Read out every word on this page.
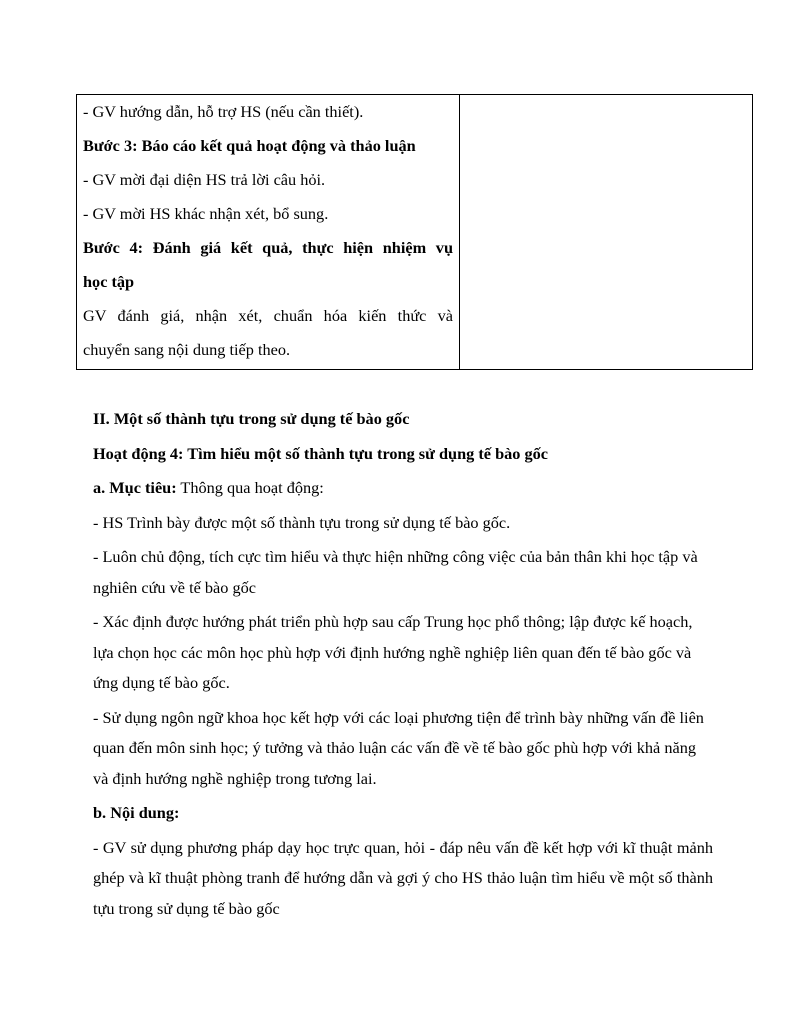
- GV hướng dẫn, hỗ trợ HS (nếu cần thiết).

Bước 3: Báo cáo kết quả hoạt động và thảo luận

- GV mời đại diện HS trả lời câu hỏi.

- GV mời HS khác nhận xét, bổ sung.

Bước 4: Đánh giá kết quả, thực hiện nhiệm vụ

học tập

GV đánh giá, nhận xét, chuẩn hóa kiến thức và

chuyển sang nội dung tiếp theo.

II. Một số thành tựu trong sử dụng tế bào gốc

Hoạt động 4: Tìm hiểu một số thành tựu trong sử dụng tế bào gốc

a. Mục tiêu: Thông qua hoạt động:

- HS Trình bày được một số thành tựu trong sử dụng tế bào gốc.

- Luôn chủ động, tích cực tìm hiểu và thực hiện những công việc của bản thân khi học tập và nghiên cứu về tế bào gốc

- Xác định được hướng phát triển phù hợp sau cấp Trung học phổ thông; lập được kế hoạch, lựa chọn học các môn học phù hợp với định hướng nghề nghiệp liên quan đến tế bào gốc và ứng dụng tế bào gốc.

- Sử dụng ngôn ngữ khoa học kết hợp với các loại phương tiện để trình bày những vấn đề liên quan đến môn sinh học; ý tưởng và thảo luận các vấn đề về tế bào gốc phù hợp với khả năng và định hướng nghề nghiệp trong tương lai.

b. Nội dung:

- GV sử dụng phương pháp dạy học trực quan, hỏi - đáp nêu vấn đề kết hợp với kĩ thuật mảnh ghép và kĩ thuật phòng tranh để hướng dẫn và gợi ý cho HS thảo luận tìm hiểu về một số thành tựu trong sử dụng tế bào gốc
